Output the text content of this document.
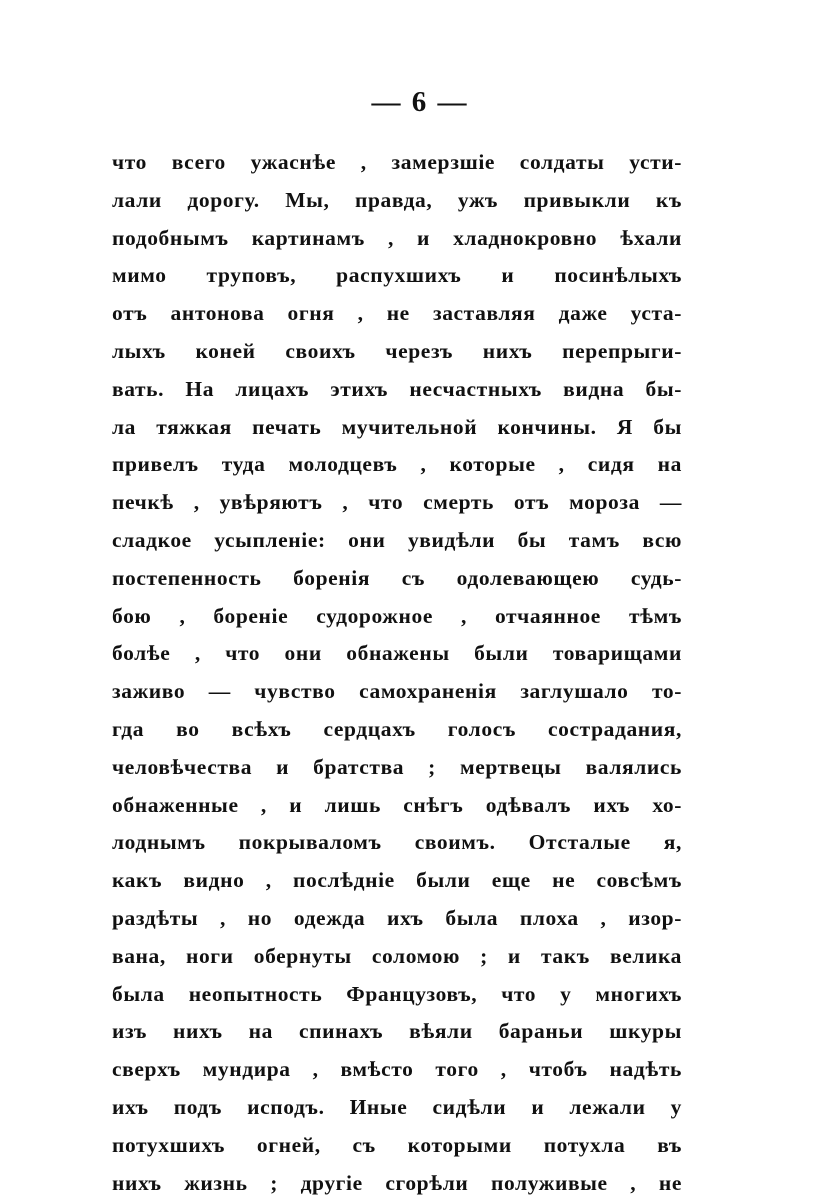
— 6 —
что всего ужаснѣе , замерзшіе солдаты усти-
лали дорогу. Мы, правда, ужъ привыкли къ
подобнымъ картинамъ , и хладнокровно ѣхали
мимо труповъ, распухшихъ и посинѣлыхъ
отъ антонова огня , не заставляя даже уста-
лыхъ коней своихъ черезъ нихъ перепрыги-
вать. На лицахъ этихъ несчастныхъ видна бы-
ла тяжкая печать мучительной кончины. Я бы
привелъ туда молодцевъ , которые , сидя на
печкѣ , увѣряютъ , что смерть отъ мороза —
сладкое усыпленіе: они увидѣли бы тамъ всю
постепенность боренія съ одолевающею судь-
бою , бореніе судорожное , отчаянное тѣмъ
болѣе , что они обнажены были товарищами
заживо — чувство самохраненія заглушало то-
гда во всѣхъ сердцахъ голосъ сострадания,
человѣчества и братства ; мертвецы валялись
обнаженные , и лишь снѣгъ одѣвалъ ихъ хо-
лоднымъ покрываломъ своимъ. Отсталые я,
какъ видно , послѣдніе были еще не совсѣмъ
раздѣты , но одежда ихъ была плоха , изор-
вана, ноги обернуты соломою ; и такъ велика
была неопытность Французовъ, что у многихъ
изъ нихъ на спинахъ вѣяли бараньи шкуры
сверхъ мундира , вмѣсто того , чтобъ надѣть
ихъ подъ исподъ. Иные сидѣли и лежали у
потухшихъ огней, съ которыми потухла въ
нихъ жизнь ; другіе сгорѣли полуживые , не
